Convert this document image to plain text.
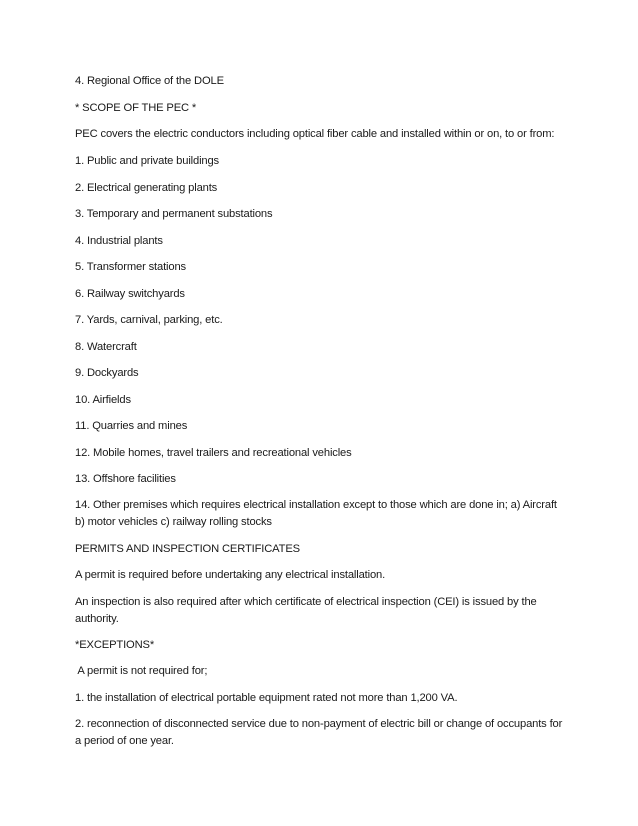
4. Regional Office of the DOLE
* SCOPE OF THE PEC *
PEC covers the electric conductors including optical fiber cable and installed within or on, to or from:
1. Public and private buildings
2. Electrical generating plants
3. Temporary and permanent substations
4. Industrial plants
5. Transformer stations
6. Railway switchyards
7. Yards, carnival, parking, etc.
8. Watercraft
9. Dockyards
10. Airfields
11. Quarries and mines
12. Mobile homes, travel trailers and recreational vehicles
13. Offshore facilities
14. Other premises which requires electrical installation except to those which are done in; a) Aircraft b) motor vehicles c) railway rolling stocks
PERMITS AND INSPECTION CERTIFICATES
A permit is required before undertaking any electrical installation.
An inspection is also required after which certificate of electrical inspection (CEI) is issued by the authority.
*EXCEPTIONS*
A permit is not required for;
1. the installation of electrical portable equipment rated not more than 1,200 VA.
2. reconnection of disconnected service due to non-payment of electric bill or change of occupants for a period of one year.
